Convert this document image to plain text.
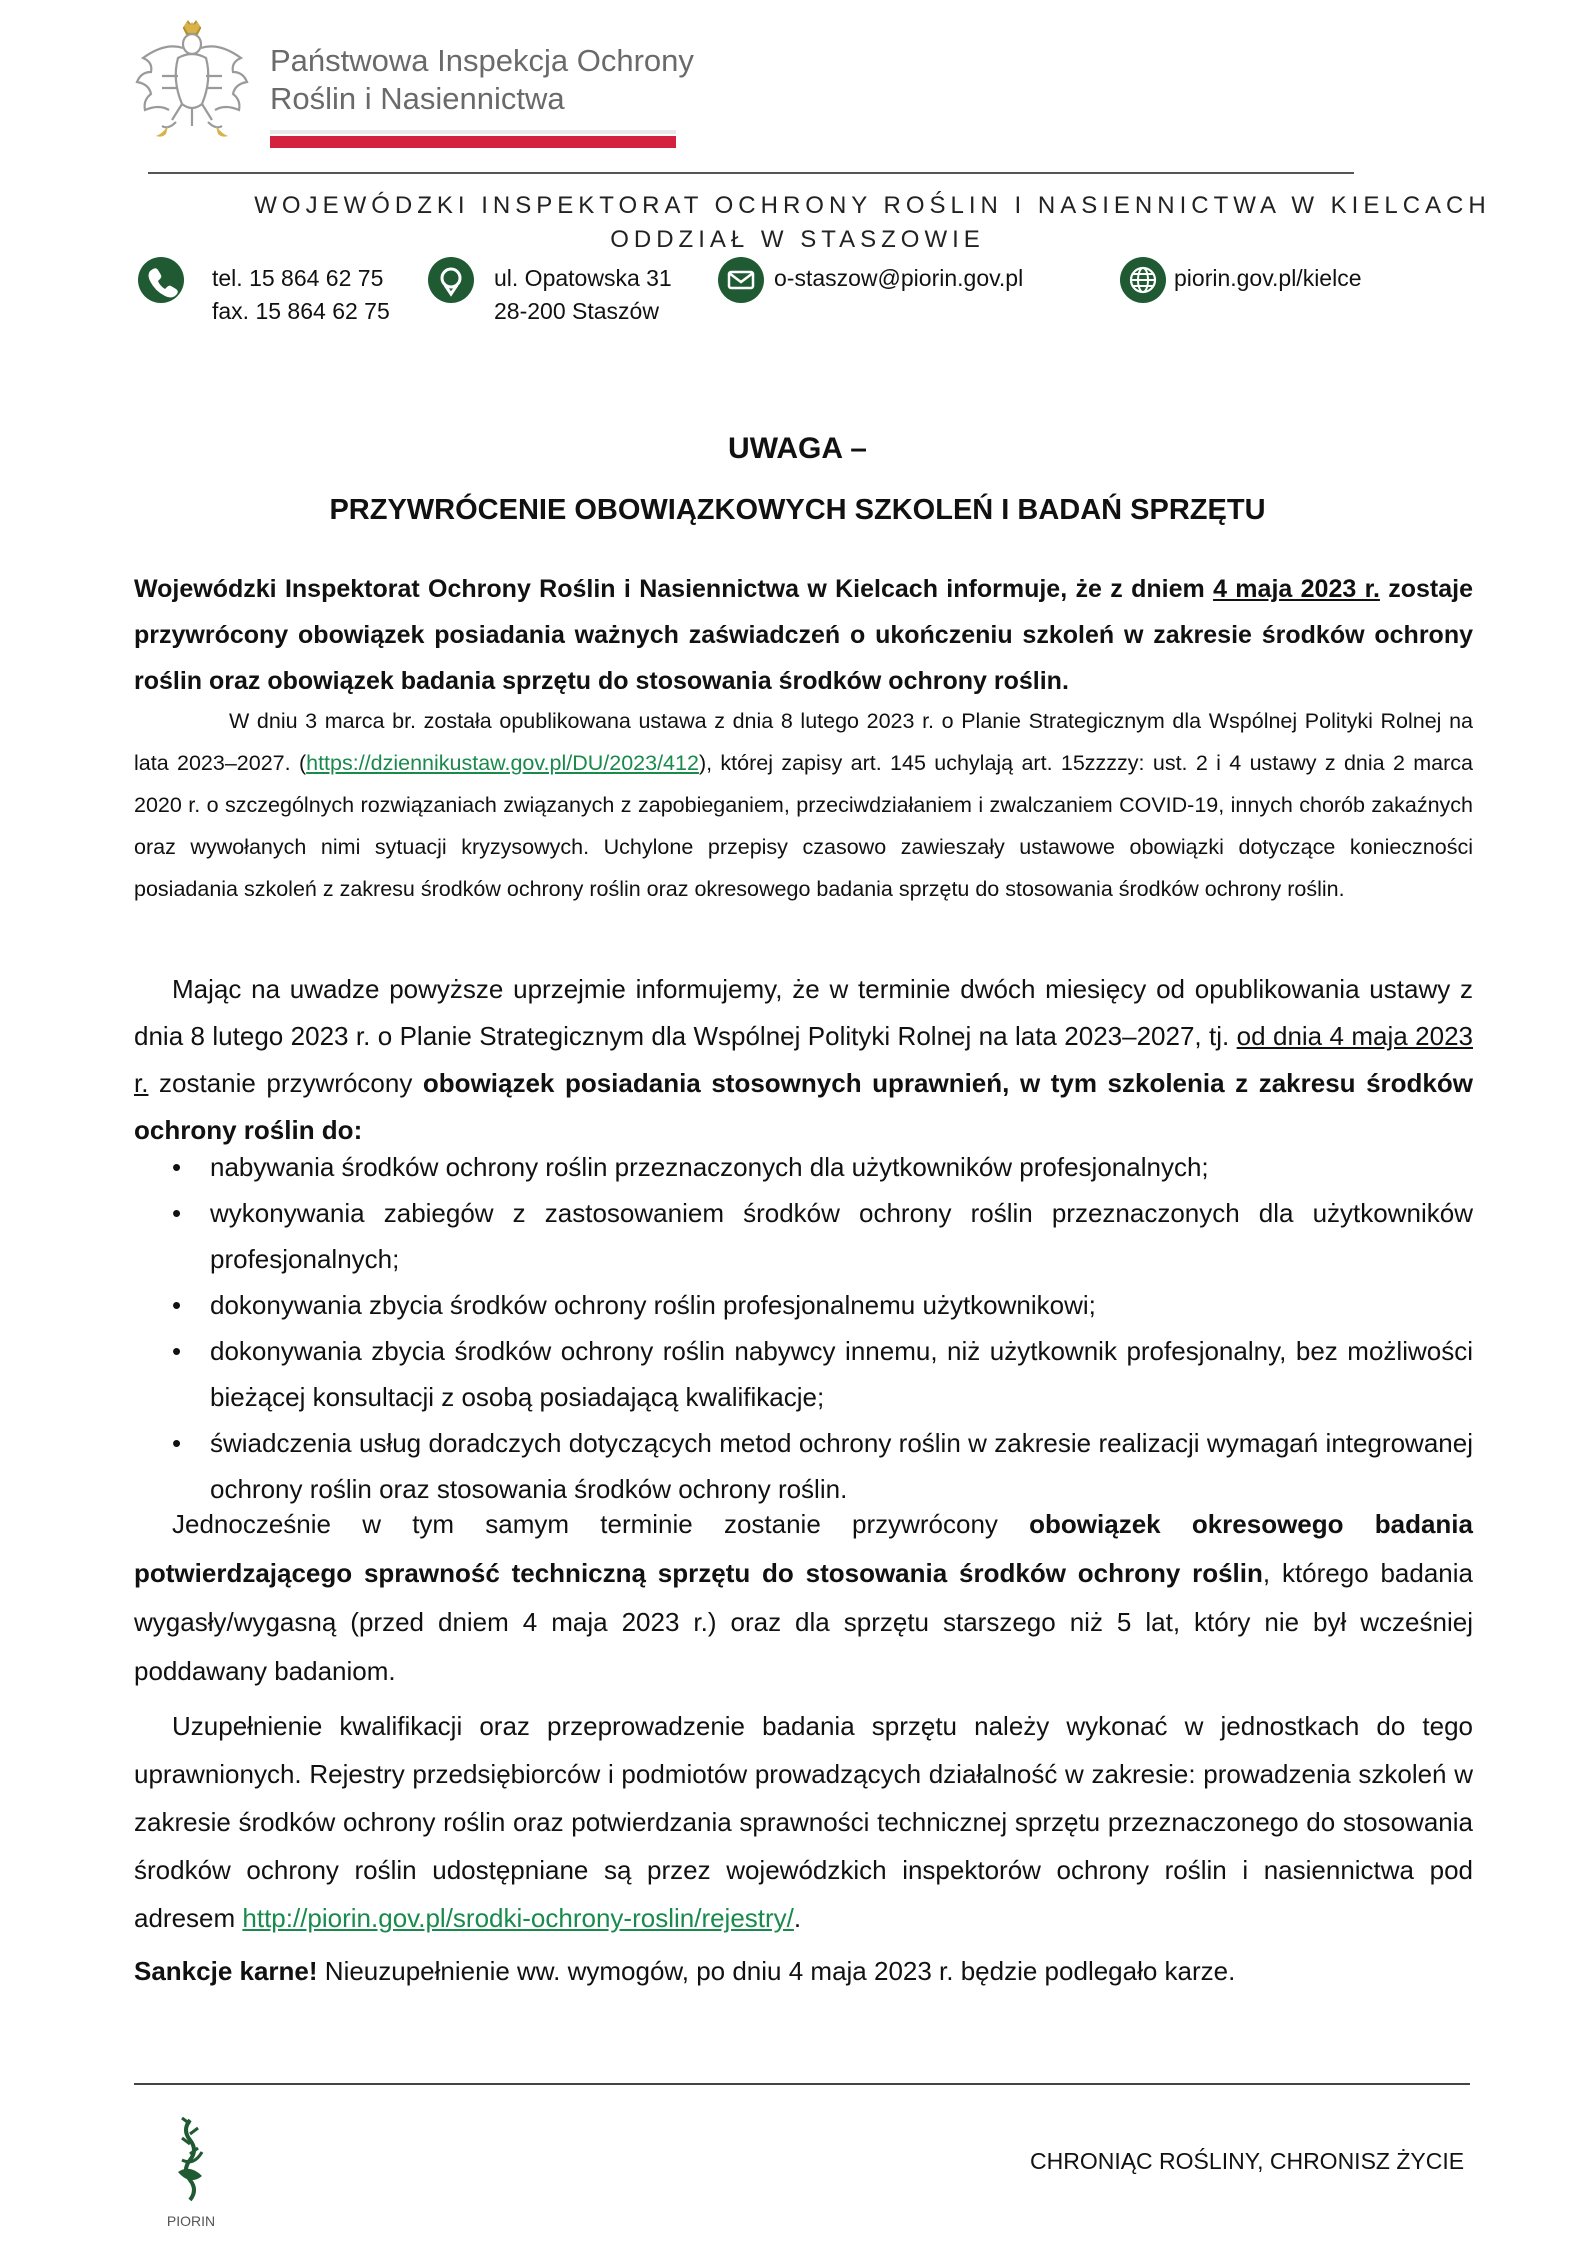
Państwowa Inspekcja Ochrony
Roślin i Nasiennictwa
WOJEWÓDZKI INSPEKTORAT OCHRONY ROŚLIN I NASIENNICTWA W KIELCACH
ODDZIAŁ W STASZOWIE
tel. 15 864 62 75
fax. 15 864 62 75
ul. Opatowska 31
28-200 Staszów
o-staszow@piorin.gov.pl	piorin.gov.pl/kielce
UWAGA –
PRZYWRÓCENIE OBOWIĄZKOWYCH SZKOLEŃ I BADAŃ SPRZĘTU
Wojewódzki Inspektorat Ochrony Roślin i Nasiennictwa w Kielcach informuje, że z dniem 4 maja 2023 r. zostaje przywrócony obowiązek posiadania ważnych zaświadczeń o ukończeniu szkoleń w zakresie środków ochrony roślin oraz obowiązek badania sprzętu do stosowania środków ochrony roślin.
W dniu 3 marca br. została opublikowana ustawa z dnia 8 lutego 2023 r. o Planie Strategicznym dla Wspólnej Polityki Rolnej na lata 2023–2027. (https://dziennikustaw.gov.pl/DU/2023/412), której zapisy art. 145 uchylają art. 15zzzzy: ust. 2 i 4 ustawy z dnia 2 marca 2020 r. o szczególnych rozwiązaniach związanych z zapobieganiem, przeciwdziałaniem i zwalczaniem COVID-19, innych chorób zakaźnych oraz wywołanych nimi sytuacji kryzysowych. Uchylone przepisy czasowo zawieszały ustawowe obowiązki dotyczące konieczności posiadania szkoleń z zakresu środków ochrony roślin oraz okresowego badania sprzętu do stosowania środków ochrony roślin.
Mając na uwadze powyższe uprzejmie informujemy, że w terminie dwóch miesięcy od opublikowania ustawy z dnia 8 lutego 2023 r. o Planie Strategicznym dla Wspólnej Polityki Rolnej na lata 2023–2027, tj. od dnia 4 maja 2023 r. zostanie przywrócony obowiązek posiadania stosownych uprawnień, w tym szkolenia z zakresu środków ochrony roślin do:
• nabywania środków ochrony roślin przeznaczonych dla użytkowników profesjonalnych;
• wykonywania zabiegów z zastosowaniem środków ochrony roślin przeznaczonych dla użytkowników profesjonalnych;
• dokonywania zbycia środków ochrony roślin profesjonalnemu użytkownikowi;
• dokonywania zbycia środków ochrony roślin nabywcy innemu, niż użytkownik profesjonalny, bez możliwości bieżącej konsultacji z osobą posiadającą kwalifikacje;
• świadczenia usług doradczych dotyczących metod ochrony roślin w zakresie realizacji wymagań integrowanej ochrony roślin oraz stosowania środków ochrony roślin.
Jednocześnie w tym samym terminie zostanie przywrócony obowiązek okresowego badania potwierdzającego sprawność techniczną sprzętu do stosowania środków ochrony roślin, którego badania wygasły/wygasną (przed dniem 4 maja 2023 r.) oraz dla sprzętu starszego niż 5 lat, który nie był wcześniej poddawany badaniom.
Uzupełnienie kwalifikacji oraz przeprowadzenie badania sprzętu należy wykonać w jednostkach do tego uprawnionych. Rejestry przedsiębiorców i podmiotów prowadzących działalność w zakresie: prowadzenia szkoleń w zakresie środków ochrony roślin oraz potwierdzania sprawności technicznej sprzętu przeznaczonego do stosowania środków ochrony roślin udostępniane są przez wojewódzkich inspektorów ochrony roślin i nasiennictwa pod adresem http://piorin.gov.pl/srodki-ochrony-roslin/rejestry/.
Sankcje karne! Nieuzupełnienie ww. wymogów, po dniu 4 maja 2023 r. będzie podlegało karze.
PIORIN
CHRONIĄC ROŚLINY, CHRONISZ ŻYCIE
